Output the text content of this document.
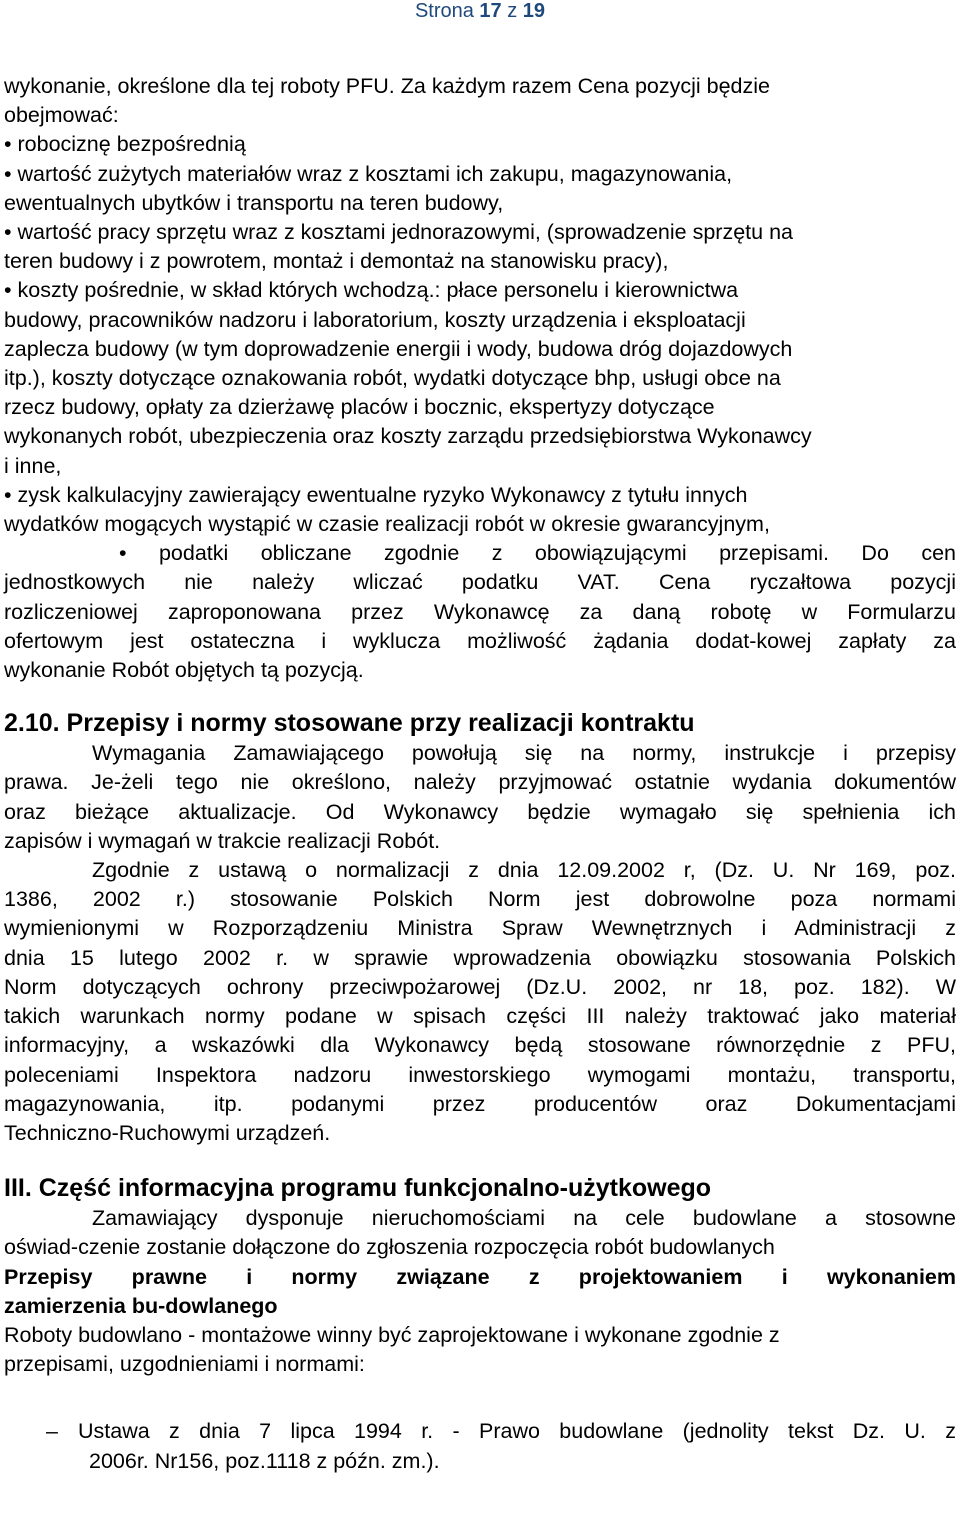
Strona 17 z 19
wykonanie, określone dla tej roboty PFU. Za każdym razem Cena pozycji będzie
obejmować:
• robociznę bezpośrednią
• wartość zużytych materiałów wraz z kosztami ich zakupu, magazynowania,
ewentualnych ubytków i transportu na teren budowy,
• wartość pracy sprzętu wraz z kosztami jednorazowymi, (sprowadzenie sprzętu na
teren budowy i z powrotem, montaż i demontaż na stanowisku pracy),
• koszty pośrednie, w skład których wchodzą.: płace personelu i kierownictwa
budowy, pracowników nadzoru i laboratorium, koszty urządzenia i eksploatacji
zaplecza budowy (w tym doprowadzenie energii i wody, budowa dróg dojazdowych
itp.), koszty dotyczące oznakowania robót, wydatki dotyczące bhp, usługi obce na
rzecz budowy, opłaty za dzierżawę placów i bocznic, ekspertyzy dotyczące
wykonanych robót, ubezpieczenia oraz koszty zarządu przedsiębiorstwa Wykonawcy
i inne,
• zysk kalkulacyjny zawierający ewentualne ryzyko Wykonawcy z tytułu innych
wydatków mogących wystąpić w czasie realizacji robót w okresie gwarancyjnym,
• podatki obliczane zgodnie z obowiązującymi przepisami. Do cen
jednostkowych nie należy wliczać podatku VAT. Cena ryczałtowa pozycji
rozliczeniowej zaproponowana przez Wykonawcę za daną robotę w Formularzu
ofertowym jest ostateczna i wyklucza możliwość żądania dodat-kowej zapłaty za
wykonanie Robót objętych tą pozycją.
2.10. Przepisy i normy stosowane przy realizacji kontraktu
Wymagania Zamawiającego powołują się na normy, instrukcje i przepisy
prawa. Je-żeli tego nie określono, należy przyjmować ostatnie wydania dokumentów
oraz bieżące aktualizacje. Od Wykonawcy będzie wymagało się spełnienia ich
zapisów i wymagań w trakcie realizacji Robót.
Zgodnie z ustawą o normalizacji z dnia 12.09.2002 r, (Dz. U. Nr 169, poz.
1386, 2002 r.) stosowanie Polskich Norm jest dobrowolne poza normami
wymienionymi w Rozporządzeniu Ministra Spraw Wewnętrznych i Administracji z
dnia 15 lutego 2002 r. w sprawie wprowadzenia obowiązku stosowania Polskich
Norm dotyczących ochrony przeciwpożarowej (Dz.U. 2002, nr 18, poz. 182). W
takich warunkach normy podane w spisach części III należy traktować jako materiał
informacyjny, a wskazówki dla Wykonawcy będą stosowane równorzędnie z PFU,
poleceniami Inspektora nadzoru inwestorskiego wymogami montażu, transportu,
magazynowania, itp. podanymi przez producentów oraz Dokumentacjami
Techniczno-Ruchowymi urządzeń.
III. Część informacyjna programu funkcjonalno-użytkowego
Zamawiający dysponuje nieruchomościami na cele budowlane a stosowne
oświad-czenie zostanie dołączone do zgłoszenia rozpoczęcia robót budowlanych
Przepisy prawne i normy związane z projektowaniem i wykonaniem
zamierzenia bu-dowlanego
Roboty budowlano - montażowe winny być zaprojektowane i wykonane zgodnie z
przepisami, uzgodnieniami i normami:
– Ustawa z dnia 7 lipca 1994 r. - Prawo budowlane (jednolity tekst Dz. U. z
2006r. Nr156, poz.1118 z późn. zm.).
